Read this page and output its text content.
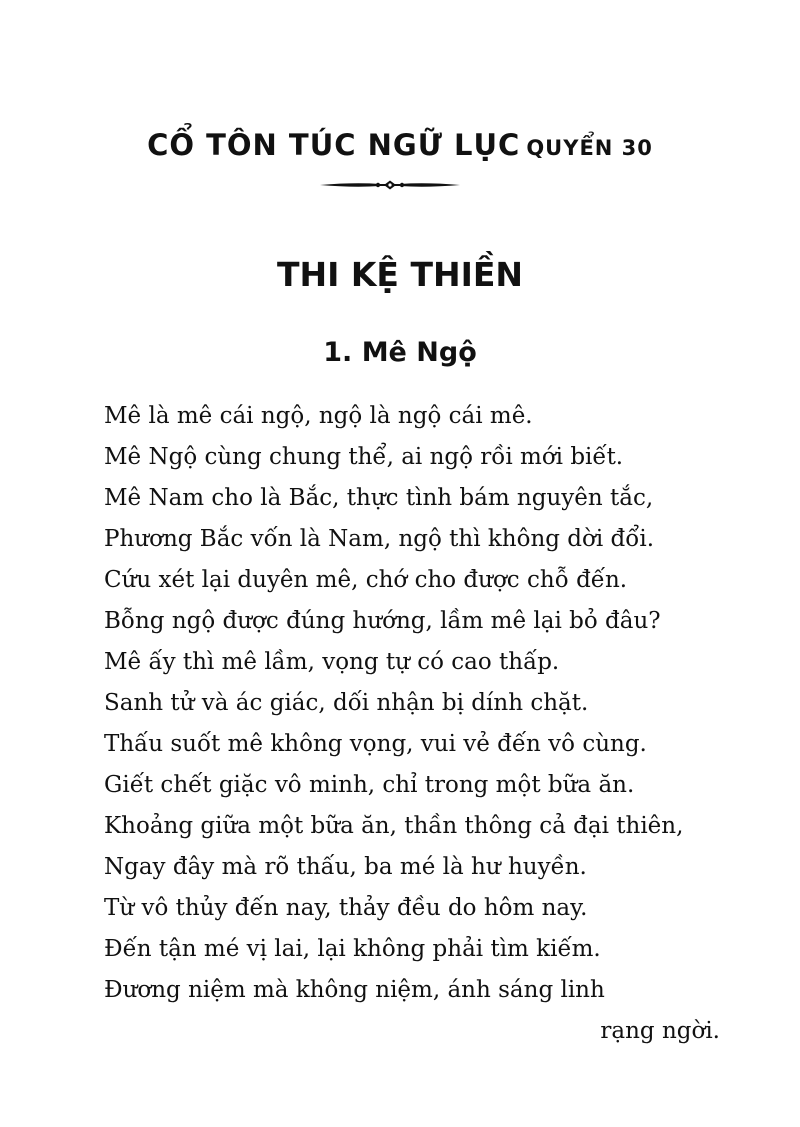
CỔ TÔN TÚC NGỮ LỤC QUYỂN 30
THI KỆ THIỀN
1. Mê Ngộ
Mê là mê cái ngộ, ngộ là ngộ cái mê.
Mê Ngộ cùng chung thể, ai ngộ rồi mới biết.
Mê Nam cho là Bắc, thực tình bám nguyên tắc,
Phương Bắc vốn là Nam, ngộ thì không dời đổi.
Cứu xét lại duyên mê, chớ cho được chỗ đến.
Bỗng ngộ được đúng hướng, lầm mê lại bỏ đâu?
Mê ấy thì mê lầm, vọng tự có cao thấp.
Sanh tử và ác giác, dối nhận bị dính chặt.
Thấu suốt mê không vọng, vui vẻ đến vô cùng.
Giết chết giặc vô minh, chỉ trong một bữa ăn.
Khoảng giữa một bữa ăn, thần thông cả đại thiên,
Ngay đây mà rõ thấu, ba mé là hư huyền.
Từ vô thủy đến nay, thảy đều do hôm nay.
Đến tận mé vị lai, lại không phải tìm kiếm.
Đương niệm mà không niệm, ánh sáng linh
rạng ngời.
